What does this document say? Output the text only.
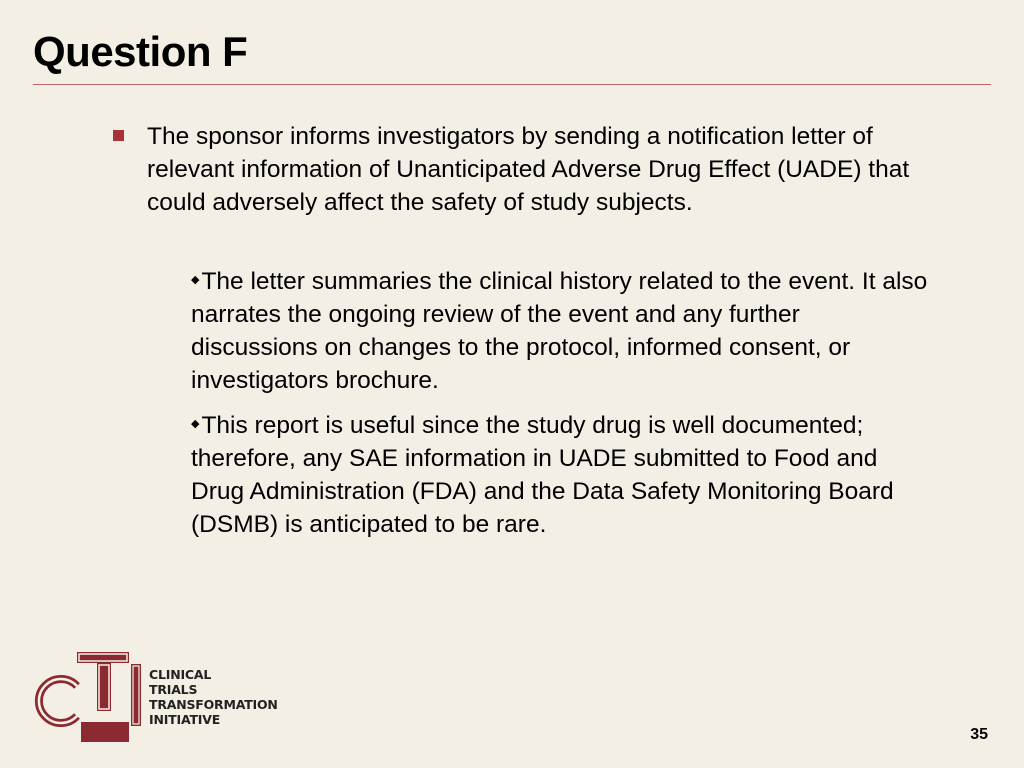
Question F
The sponsor informs investigators by sending a notification letter of relevant information of Unanticipated Adverse Drug Effect (UADE) that could adversely affect the safety of study subjects.
◆The letter summaries the clinical history related to the event. It also narrates the ongoing review of the event and any further discussions on changes to the protocol, informed consent, or investigators brochure.
◆This report is useful since the study drug is well documented; therefore, any SAE information in UADE submitted to Food and Drug Administration (FDA) and the Data Safety Monitoring Board (DSMB) is anticipated to be rare.
CLINICAL
TRIALS
TRANSFORMATION
INITIATIVE
35
